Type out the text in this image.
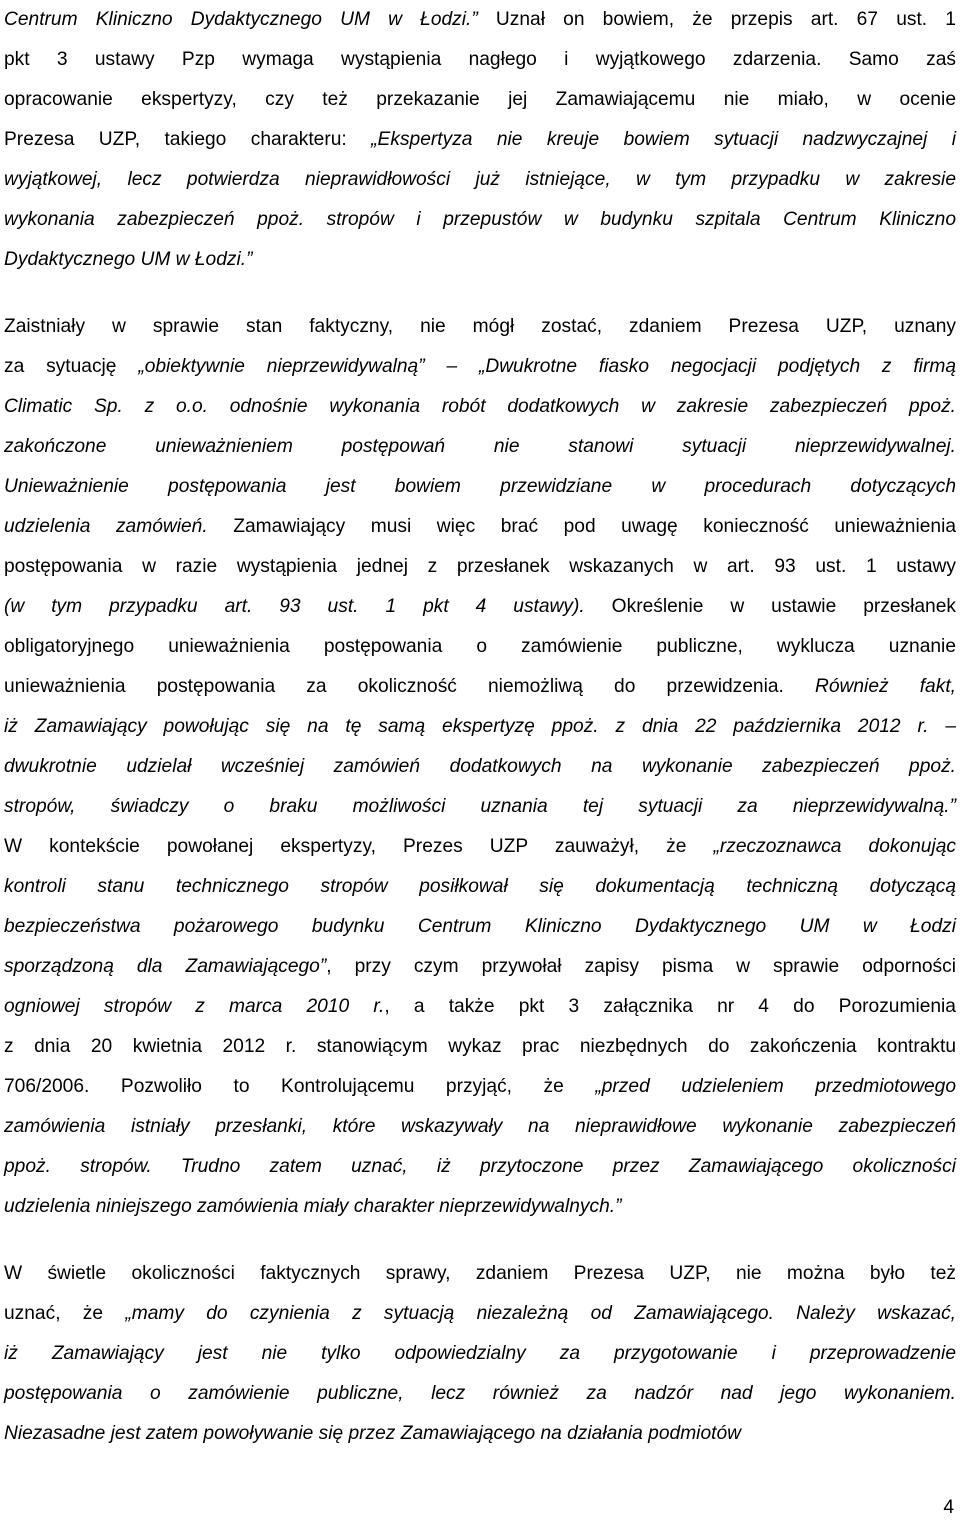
Centrum Kliniczno Dydaktycznego UM w Łodzi.” Uznał on bowiem, że przepis art. 67 ust. 1
pkt 3 ustawy Pzp wymaga wystąpienia nagłego i wyjątkowego zdarzenia. Samo zaś
opracowanie ekspertyzy, czy też przekazanie jej Zamawiającemu nie miało, w ocenie
Prezesa UZP, takiego charakteru: „Ekspertyza nie kreuje bowiem sytuacji nadzwyczajnej i
wyjątkowej, lecz potwierdza nieprawidłowości już istniejące, w tym przypadku w zakresie
wykonania zabezpieczeń ppoż. stropów i przepustów w budynku szpitala Centrum Kliniczno
Dydaktycznego UM w Łodzi.”

Zaistniały w sprawie stan faktyczny, nie mógł zostać, zdaniem Prezesa UZP, uznany
za sytuację „obiektywnie nieprzewidywalną” – „Dwukrotne fiasko negocjacji podjętych z firmą
Climatic Sp. z o.o. odnośnie wykonania robót dodatkowych w zakresie zabezpieczeń ppoż.
zakończone unieważnieniem postępowań nie stanowi sytuacji nieprzewidywalnej.
Unieważnienie postępowania jest bowiem przewidziane w procedurach dotyczących
udzielenia zamówień. Zamawiający musi więc brać pod uwagę konieczność unieważnienia
postępowania w razie wystąpienia jednej z przesłanek wskazanych w art. 93 ust. 1 ustawy
(w tym przypadku art. 93 ust. 1 pkt 4 ustawy). Określenie w ustawie przesłanek
obligatoryjnego unieważnienia postępowania o zamówienie publiczne, wyklucza uznanie
unieważnienia postępowania za okoliczność niemożliwą do przewidzenia. Również fakt,
iż Zamawiający powołując się na tę samą ekspertyzę ppoż. z dnia 22 października 2012 r. –
dwukrotnie udzielał wcześniej zamówień dodatkowych na wykonanie zabezpieczeń ppoż.
stropów, świadczy o braku możliwości uznania tej sytuacji za nieprzewidywalną.”
W kontekście powołanej ekspertyzy, Prezes UZP zauważył, że „rzeczoznawca dokonując
kontroli stanu technicznego stropów posiłkował się dokumentacją techniczną dotyczącą
bezpieczeństwa pożarowego budynku Centrum Kliniczno Dydaktycznego UM w Łodzi
sporządzoną dla Zamawiającego”, przy czym przywołał zapisy pisma w sprawie odporności
ogniowej stropów z marca 2010 r., a także pkt 3 załącznika nr 4 do Porozumienia
z dnia 20 kwietnia 2012 r. stanowiącym wykaz prac niezbędnych do zakończenia kontraktu
706/2006. Pozwoliło to Kontrolującemu przyjąć, że „przed udzieleniem przedmiotowego
zamówienia istniały przesłanki, które wskazywały na nieprawidłowe wykonanie zabezpieczeń
ppoż. stropów. Trudno zatem uznać, iż przytoczone przez Zamawiającego okoliczności
udzielenia niniejszego zamówienia miały charakter nieprzewidywalnych.”

W świetle okoliczności faktycznych sprawy, zdaniem Prezesa UZP, nie można było też
uznać, że „mamy do czynienia z sytuacją niezależną od Zamawiającego. Należy wskazać,
iż Zamawiający jest nie tylko odpowiedzialny za przygotowanie i przeprowadzenie
postępowania o zamówienie publiczne, lecz również za nadzór nad jego wykonaniem.
Niezasadne jest zatem powoływanie się przez Zamawiającego na działania podmiotów

4
